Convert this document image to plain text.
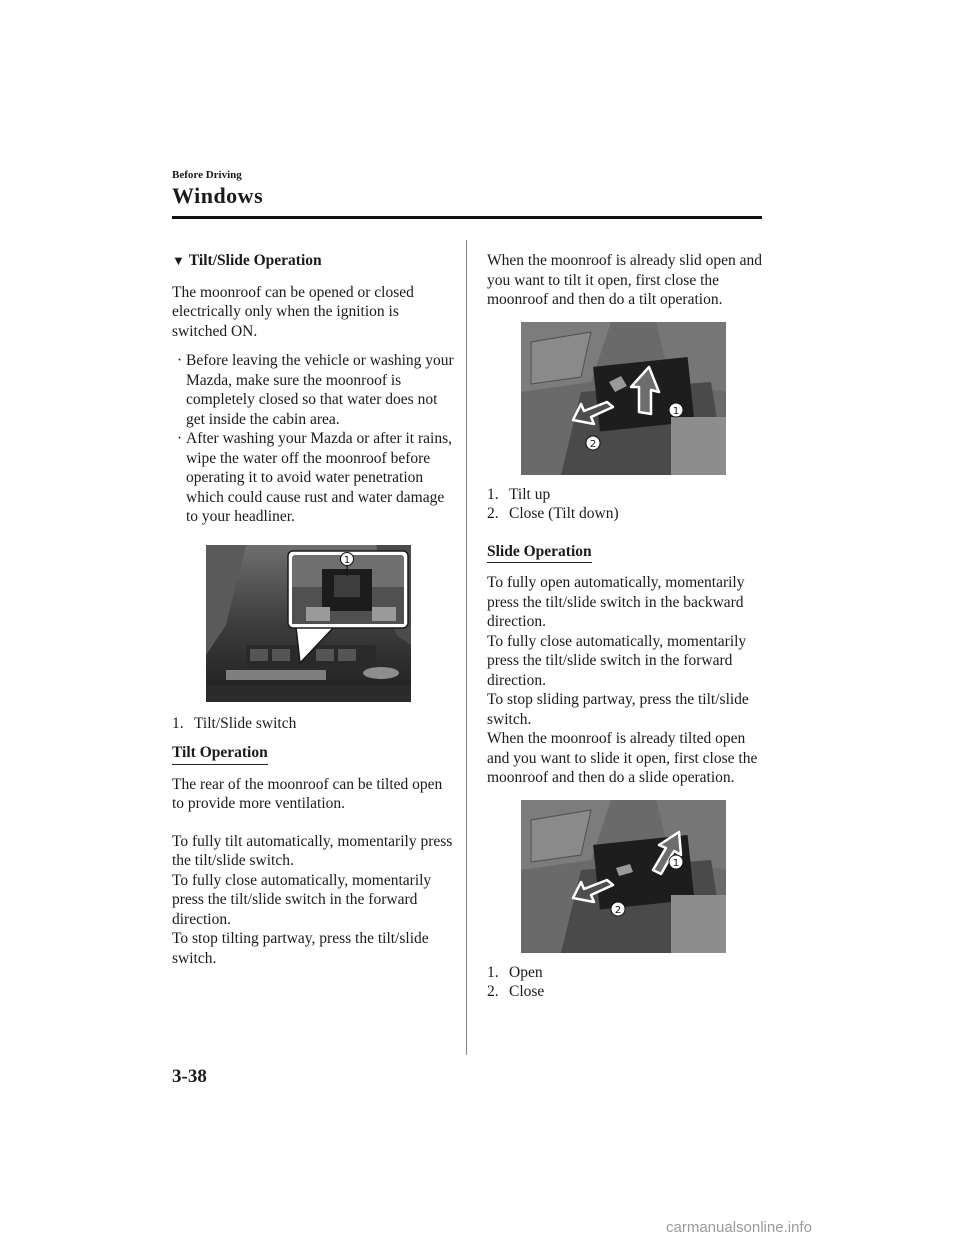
Before Driving
Windows

▼ Tilt/Slide Operation

The moonroof can be opened or closed electrically only when the ignition is switched ON.

· Before leaving the vehicle or washing your Mazda, make sure the moonroof is completely closed so that water does not get inside the cabin area.
· After washing your Mazda or after it rains, wipe the water off the moonroof before operating it to avoid water penetration which could cause rust and water damage to your headliner.
1
1. Tilt/Slide switch

Tilt Operation

The rear of the moonroof can be tilted open to provide more ventilation.

To fully tilt automatically, momentarily press the tilt/slide switch.

To fully close automatically, momentarily press the tilt/slide switch in the forward direction.

To stop tilting partway, press the tilt/slide switch.

When the moonroof is already slid open and you want to tilt it open, first close the moonroof and then do a tilt operation.

1
2
1. Tilt up
2. Close (Tilt down)

Slide Operation

To fully open automatically, momentarily press the tilt/slide switch in the backward direction.

To fully close automatically, momentarily press the tilt/slide switch in the forward direction.

To stop sliding partway, press the tilt/slide switch.

When the moonroof is already tilted open and you want to slide it open, first close the moonroof and then do a slide operation.

1
2
1. Open
2. Close
3-38
carmanualsonline.info
